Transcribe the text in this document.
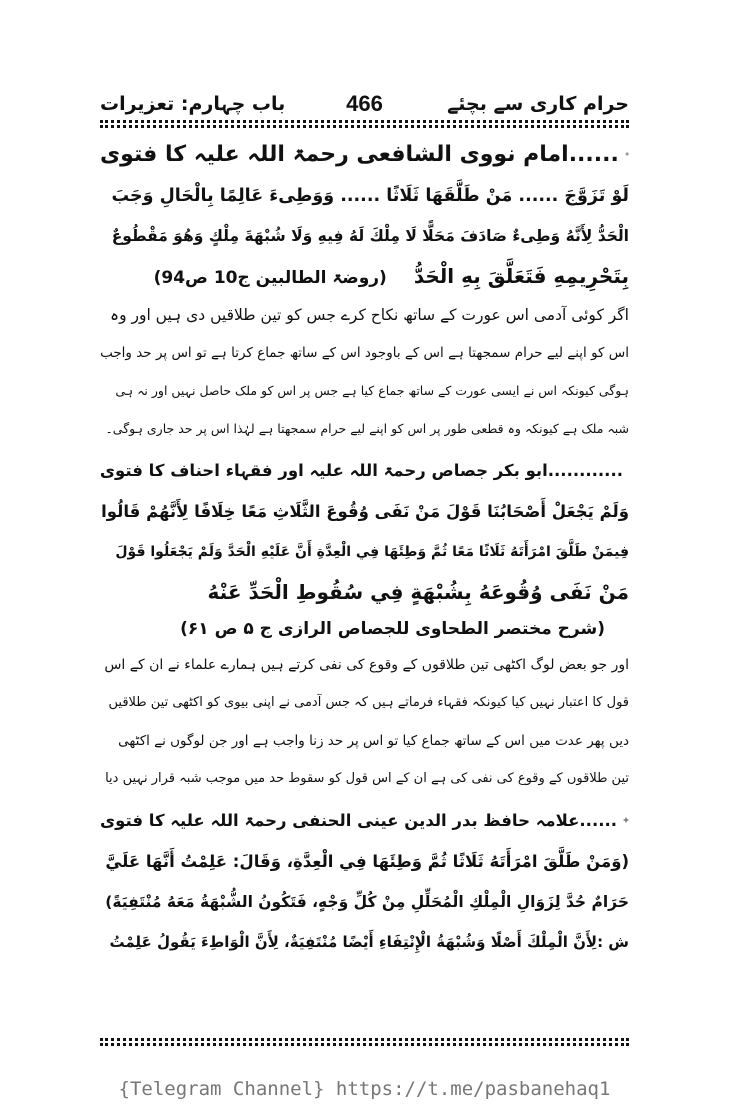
باب چہارم: تعزیرات	466	حرام کاری سے بچئے
......امام نووی الشافعی رحمۃ اللہ علیہ کا فتوی
لَوْ تَزَوَّجَ ...... مَنْ طَلَّقَهَا ثَلَاثًا ...... وَوَطِىءَ عَالِمًا بِالْحَالِ وَجَبَ
الْحَدُّ لِأَنَّهُ وَطِىءٌ صَادَفَ مَحَلًّا لَا مِلْكَ لَهُ فِيهِ وَلَا شُبْهَةَ مِلْكٍ وَهُوَ مَقْطُوعٌ
بِتَحْرِيمِهِ فَتَعَلَّقَ بِهِ الْحَدُّ (روضۃ الطالبین ج10 ص94)
اگر کوئی آدمی اس عورت کے ساتھ نکاح کرے جس کو تین طلاقیں دی ہیں اور وہ
اس کو اپنے لیے حرام سمجھتا ہے اس کے باوجود اس کے ساتھ جماع کرتا ہے تو اس پر حد واجب
ہوگی کیونکہ اس نے ایسی عورت کے ساتھ جماع کیا ہے جس پر اس کو ملک حاصل نہیں اور نہ ہی
شبہ ملک ہے کیونکہ وہ قطعی طور پر اس کو اپنے لیے حرام سمجھتا ہے لہٰذا اس پر حد جاری ہوگی۔
............ابو بکر جصاص رحمۃ اللہ علیہ اور فقہاء احناف کا فتوی
وَلَمْ يَجْعَلْ أَصْحَابُنَا قَوْلَ مَنْ نَفَى وُقُوعَ الثَّلَاثِ مَعًا خِلَافًا لِأَنَّهُمْ قَالُوا
فِيمَنْ طَلَّقَ امْرَأَتَهُ ثَلَاثًا مَعًا ثُمَّ وَطِئَهَا فِي الْعِدَّةِ أَنَّ عَلَيْهِ الْحَدَّ وَلَمْ يَجْعَلُوا قَوْلَ
مَنْ نَفَى وُقُوعَهُ بِشُبْهَةٍ فِي سُقُوطِ الْحَدِّ عَنْهُ
(شرح مختصر الطحاوی للجصاص الرازی ج ۵ ص ۶۱)
اور جو بعض لوگ اکٹھی تین طلاقوں کے وقوع کی نفی کرتے ہیں ہمارے علماء نے ان کے اس
قول کا اعتبار نہیں کیا کیونکہ فقہاء فرماتے ہیں کہ جس آدمی نے اپنی بیوی کو اکٹھی تین طلاقیں
دیں پھر عدت میں اس کے ساتھ جماع کیا تو اس پر حد زنا واجب ہے اور جن لوگوں نے اکٹھی
تین طلاقوں کے وقوع کی نفی کی ہے ان کے اس قول کو سقوط حد میں موجب شبہ قرار نہیں دیا
......علامہ حافظ بدر الدین عینی الحنفی رحمۃ اللہ علیہ کا فتوی
(وَمَنْ طَلَّقَ امْرَأَتَهُ ثَلَاثًا ثُمَّ وَطِئَهَا فِي الْعِدَّةِ، وَقَالَ: عَلِمْتُ أَنَّهَا عَلَيَّ
حَرَامٌ حُدَّ لِزَوَالِ الْمِلْكِ الْمُحَلِّلِ مِنْ كُلِّ وَجْهٍ، فَتَكُونُ الشُّبْهَةُ مَعَهُ مُنْتَفِيَةً)
ش :لِأَنَّ الْمِلْكَ أَصْلًا وَشُبْهَةُ الْإِنْتِفَاءِ أَيْضًا مُنْتَفِيَةٌ، لِأَنَّ الْوَاطِءَ يَقُولُ عَلِمْتُ
{Telegram Channel} https://t.me/pasbanehaq1
